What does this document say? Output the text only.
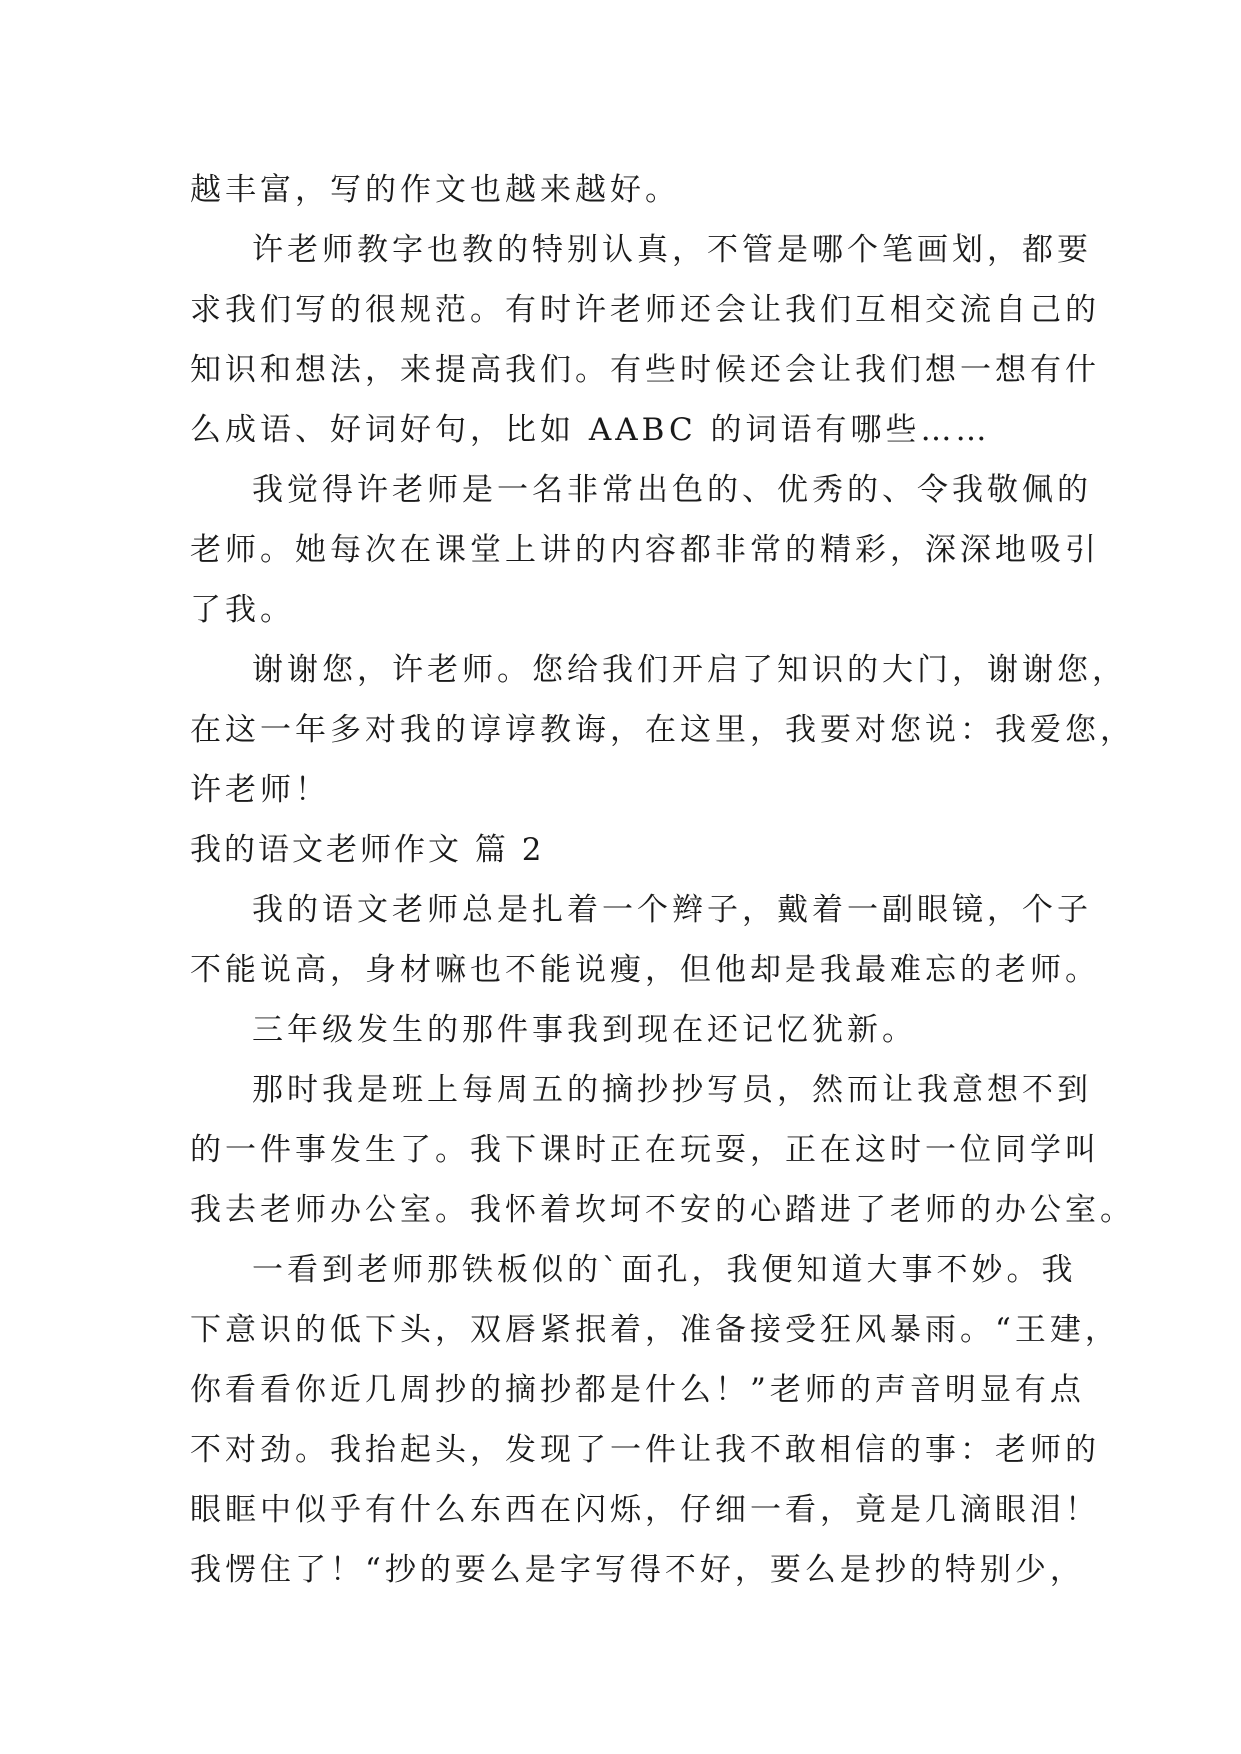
越丰富，写的作文也越来越好。

许老师教字也教的特别认真，不管是哪个笔画划，都要
求我们写的很规范。有时许老师还会让我们互相交流自己的
知识和想法，来提高我们。有些时候还会让我们想一想有什
么成语、好词好句，比如 AABC 的词语有哪些……

我觉得许老师是一名非常出色的、优秀的、令我敬佩的
老师。她每次在课堂上讲的内容都非常的精彩，深深地吸引
了我。

谢谢您，许老师。您给我们开启了知识的大门，谢谢您，
在这一年多对我的谆谆教诲，在这里，我要对您说：我爱您，
许老师！

我的语文老师作文 篇 2

我的语文老师总是扎着一个辫子，戴着一副眼镜，个子
不能说高，身材嘛也不能说瘦，但他却是我最难忘的老师。

三年级发生的那件事我到现在还记忆犹新。

那时我是班上每周五的摘抄抄写员，然而让我意想不到
的一件事发生了。我下课时正在玩耍，正在这时一位同学叫
我去老师办公室。我怀着坎坷不安的心踏进了老师的办公室。

一看到老师那铁板似的`面孔，我便知道大事不妙。我
下意识的低下头，双唇紧抿着，准备接受狂风暴雨。“王建，
你看看你近几周抄的摘抄都是什么！”老师的声音明显有点
不对劲。我抬起头，发现了一件让我不敢相信的事：老师的
眼眶中似乎有什么东西在闪烁，仔细一看，竟是几滴眼泪！
我愣住了！“抄的要么是字写得不好，要么是抄的特别少，
